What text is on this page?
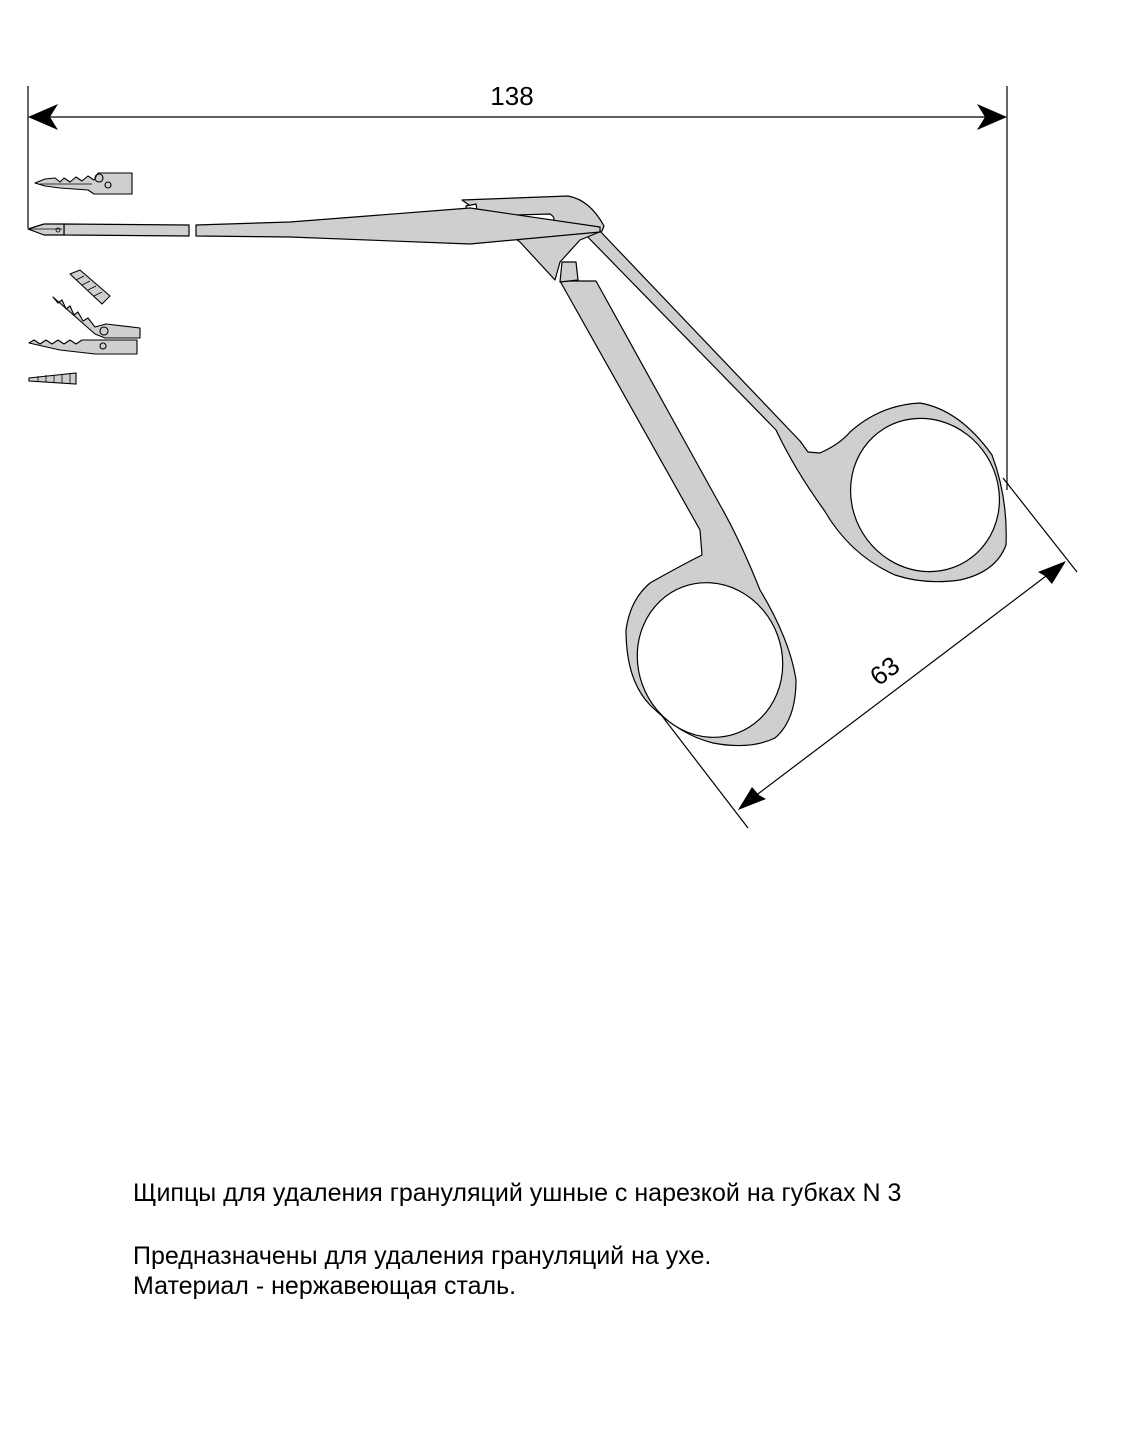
138
63
Щипцы для удаления грануляций ушные с нарезкой на губках N 3
Предназначены для удаления грануляций на ухе.
Материал - нержавеющая сталь.
